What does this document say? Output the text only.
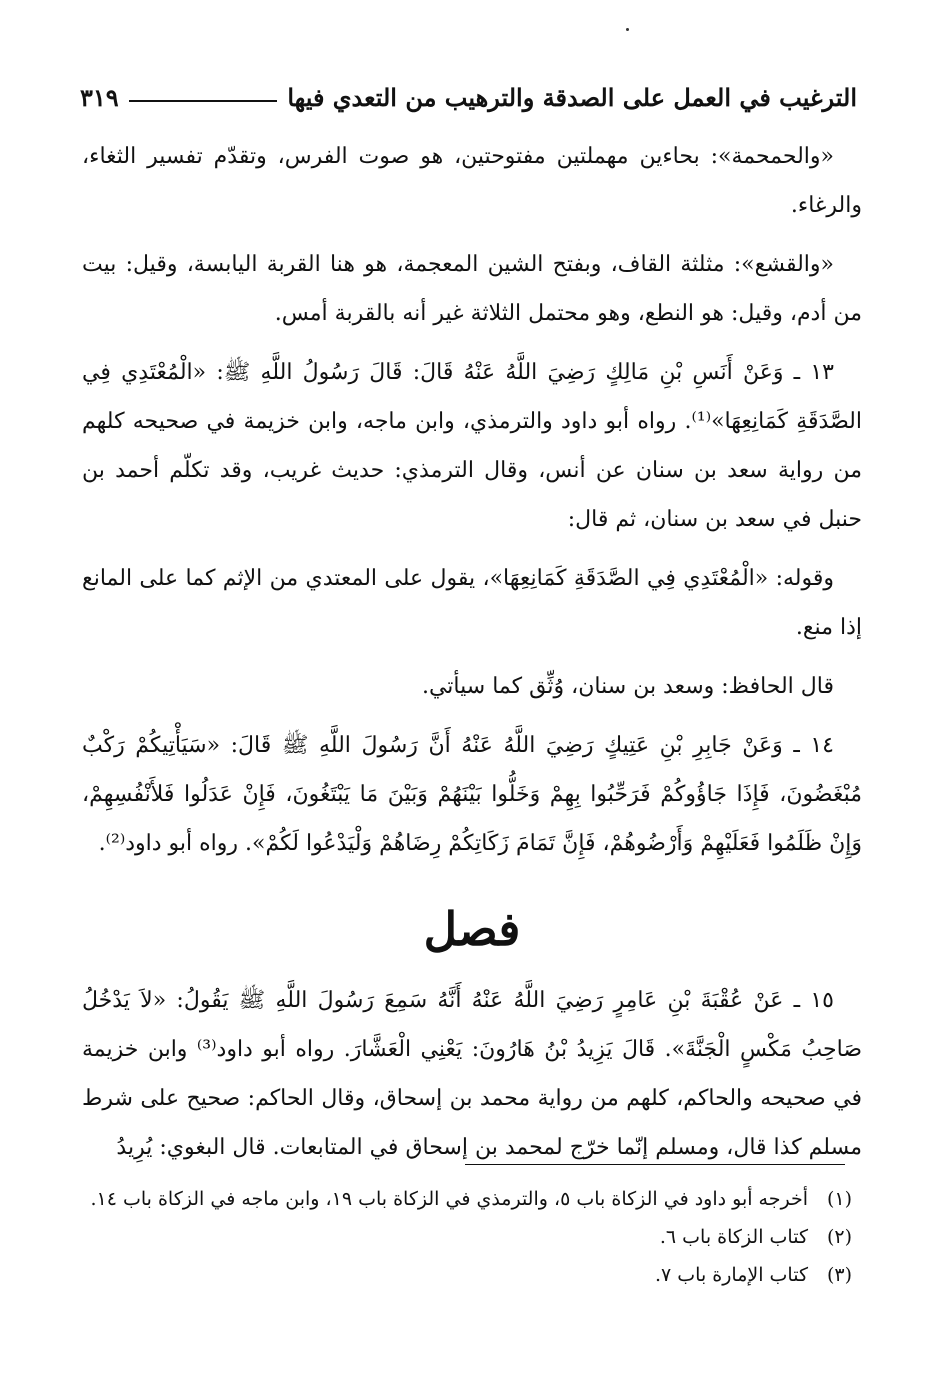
الترغيب في العمل على الصدقة والترهيب من التعدي فيها
٣١٩

«والحمحمة»: بحاءين مهملتين مفتوحتين، هو صوت الفرس، وتقدّم تفسير الثغاء، والرغاء.

«والقشع»: مثلثة القاف، وبفتح الشين المعجمة، هو هنا القربة اليابسة، وقيل: بيت من أدم، وقيل: هو النطع، وهو محتمل الثلاثة غير أنه بالقربة أمس.

١٣ ـ وَعَنْ أَنَسِ بْنِ مَالِكٍ رَضِيَ اللَّهُ عَنْهُ قَالَ: قَالَ رَسُولُ اللَّهِ ﷺ: «الْمُعْتَدِي فِي الصَّدَقَةِ كَمَانِعِهَا»⁽¹⁾. رواه أبو داود والترمذي، وابن ماجه، وابن خزيمة في صحيحه كلهم من رواية سعد بن سنان عن أنس، وقال الترمذي: حديث غريب، وقد تكلّم أحمد بن حنبل في سعد بن سنان، ثم قال:

وقوله: «الْمُعْتَدِي فِي الصَّدَقَةِ كَمَانِعِهَا»، يقول على المعتدي من الإثم كما على المانع إذا منع.

قال الحافظ: وسعد بن سنان، وُثِّق كما سيأتي.

١٤ ـ وَعَنْ جَابِرِ بْنِ عَتِيكٍ رَضِيَ اللَّهُ عَنْهُ أَنَّ رَسُولَ اللَّهِ ﷺ قَالَ: «سَيَأْتِيكُمْ رَكْبٌ مُبْغَضُونَ، فَإِذَا جَاؤُوكُمْ فَرَحِّبُوا بِهِمْ وَخَلُّوا بَيْنَهُمْ وَبَيْنَ مَا يَبْتَغُونَ، فَإِنْ عَدَلُوا فَلأَنْفُسِهِمْ، وَإِنْ ظَلَمُوا فَعَلَيْهِمْ وَأَرْضُوهُمْ، فَإِنَّ تَمَامَ زَكَاتِكُمْ رِضَاهُمْ وَلْيَدْعُوا لَكُمْ». رواه أبو داود⁽²⁾.

فصل

١٥ ـ عَنْ عُقْبَةَ بْنِ عَامِرٍ رَضِيَ اللَّهُ عَنْهُ أَنَّهُ سَمِعَ رَسُولَ اللَّهِ ﷺ يَقُولُ: «لاَ يَدْخُلُ صَاحِبُ مَكْسٍ الْجَنَّةَ». قَالَ يَزِيدُ بْنُ هَارُونَ: يَعْنِي الْعَشَّارَ. رواه أبو داود⁽³⁾ وابن خزيمة في صحيحه والحاكم، كلهم من رواية محمد بن إسحاق، وقال الحاكم: صحيح على شرط مسلم كذا قال، ومسلم إنّما خرّج لمحمد بن إسحاق في المتابعات. قال البغوي: يُرِيدُ

(١)
أخرجه أبو داود في الزكاة باب ٥، والترمذي في الزكاة باب ١٩، وابن ماجه في الزكاة باب ١٤.
(٢)
كتاب الزكاة باب ٦.
(٣)
كتاب الإمارة باب ٧.
